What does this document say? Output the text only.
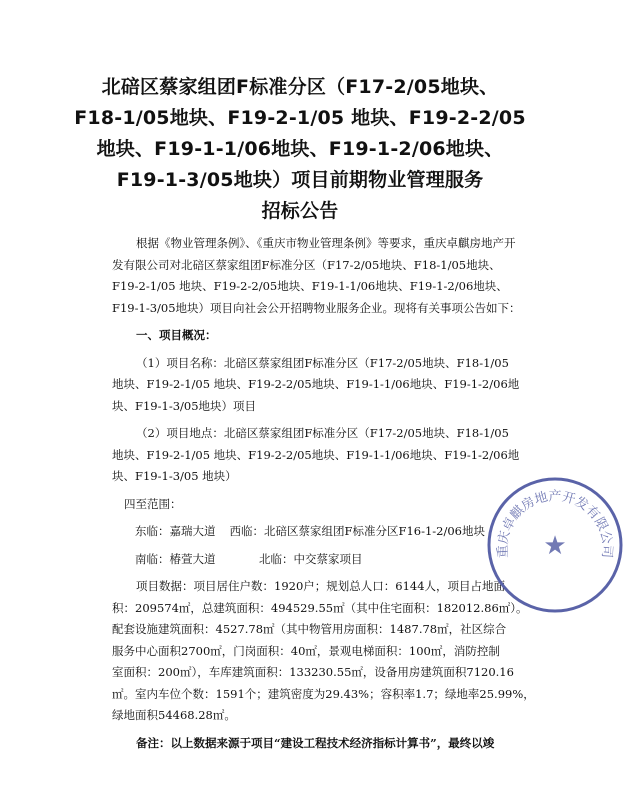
北碚区蔡家组团F标准分区（F17-2/05地块、
F18-1/05地块、F19-2-1/05 地块、F19-2-2/05
地块、F19-1-1/06地块、F19-1-2/06地块、
F19-1-3/05地块）项目前期物业管理服务
招标公告
根据《物业管理条例》、《重庆市物业管理条例》等要求，重庆卓麒房地产开
发有限公司对北碚区蔡家组团F标准分区（F17-2/05地块、F18-1/05地块、
F19-2-1/05 地块、F19-2-2/05地块、F19-1-1/06地块、F19-1-2/06地块、
F19-1-3/05地块）项目向社会公开招聘物业服务企业。现将有关事项公告如下：
一、项目概况：
（1）项目名称：北碚区蔡家组团F标准分区（F17-2/05地块、F18-1/05
地块、F19-2-1/05 地块、F19-2-2/05地块、F19-1-1/06地块、F19-1-2/06地
块、F19-1-3/05地块）项目
（2）项目地点：北碚区蔡家组团F标准分区（F17-2/05地块、F18-1/05
地块、F19-2-1/05 地块、F19-2-2/05地块、F19-1-1/06地块、F19-1-2/06地
块、F19-1-3/05 地块）
四至范围：
东临：嘉瑞大道	西临：北碚区蔡家组团F标准分区F16-1-2/06地块
南临：椿萱大道	北临：中交蔡家项目
项目数据：项目居住户数：1920户；规划总人口：6144人，项目占地面
积：209574㎡，总建筑面积：494529.55㎡（其中住宅面积：182012.86㎡）。
配套设施建筑面积：4527.78㎡（其中物管用房面积：1487.78㎡，社区综合
服务中心面积2700㎡，门岗面积：40㎡，景观电梯面积：100㎡，消防控制
室面积：200㎡），车库建筑面积：133230.55㎡，设备用房建筑面积7120.16
㎡。室内车位个数：1591个；建筑密度为29.43%；容积率1.7；绿地率25.99%，
绿地面积54468.28㎡。
备注：以上数据来源于项目“建设工程技术经济指标计算书”，最终以竣
重庆卓麒房地产开发有限公司
★
